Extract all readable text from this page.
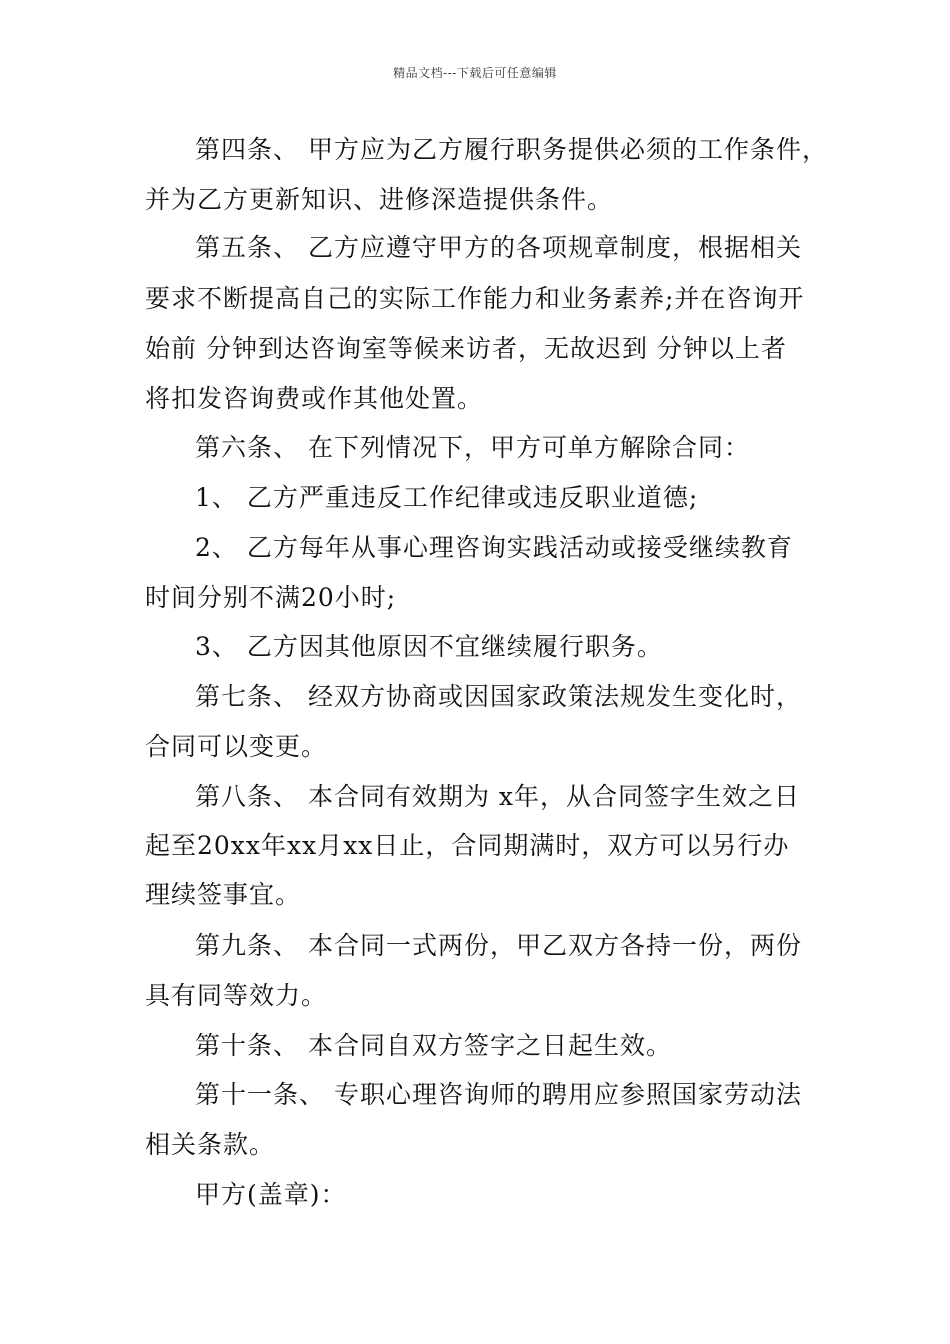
精品文档---下载后可任意编辑
第四条、 甲方应为乙方履行职务提供必须的工作条件，
并为乙方更新知识、进修深造提供条件。
第五条、 乙方应遵守甲方的各项规章制度，根据相关
要求不断提高自己的实际工作能力和业务素养;并在咨询开
始前 分钟到达咨询室等候来访者，无故迟到 分钟以上者
将扣发咨询费或作其他处置。
第六条、 在下列情况下，甲方可单方解除合同：
1、 乙方严重违反工作纪律或违反职业道德;
2、 乙方每年从事心理咨询实践活动或接受继续教育
时间分别不满20小时;
3、 乙方因其他原因不宜继续履行职务。
第七条、 经双方协商或因国家政策法规发生变化时，
合同可以变更。
第八条、 本合同有效期为 x年，从合同签字生效之日
起至20xx年xx月xx日止，合同期满时，双方可以另行办
理续签事宜。
第九条、 本合同一式两份，甲乙双方各持一份，两份
具有同等效力。
第十条、 本合同自双方签字之日起生效。
第十一条、 专职心理咨询师的聘用应参照国家劳动法
相关条款。
甲方(盖章)：
